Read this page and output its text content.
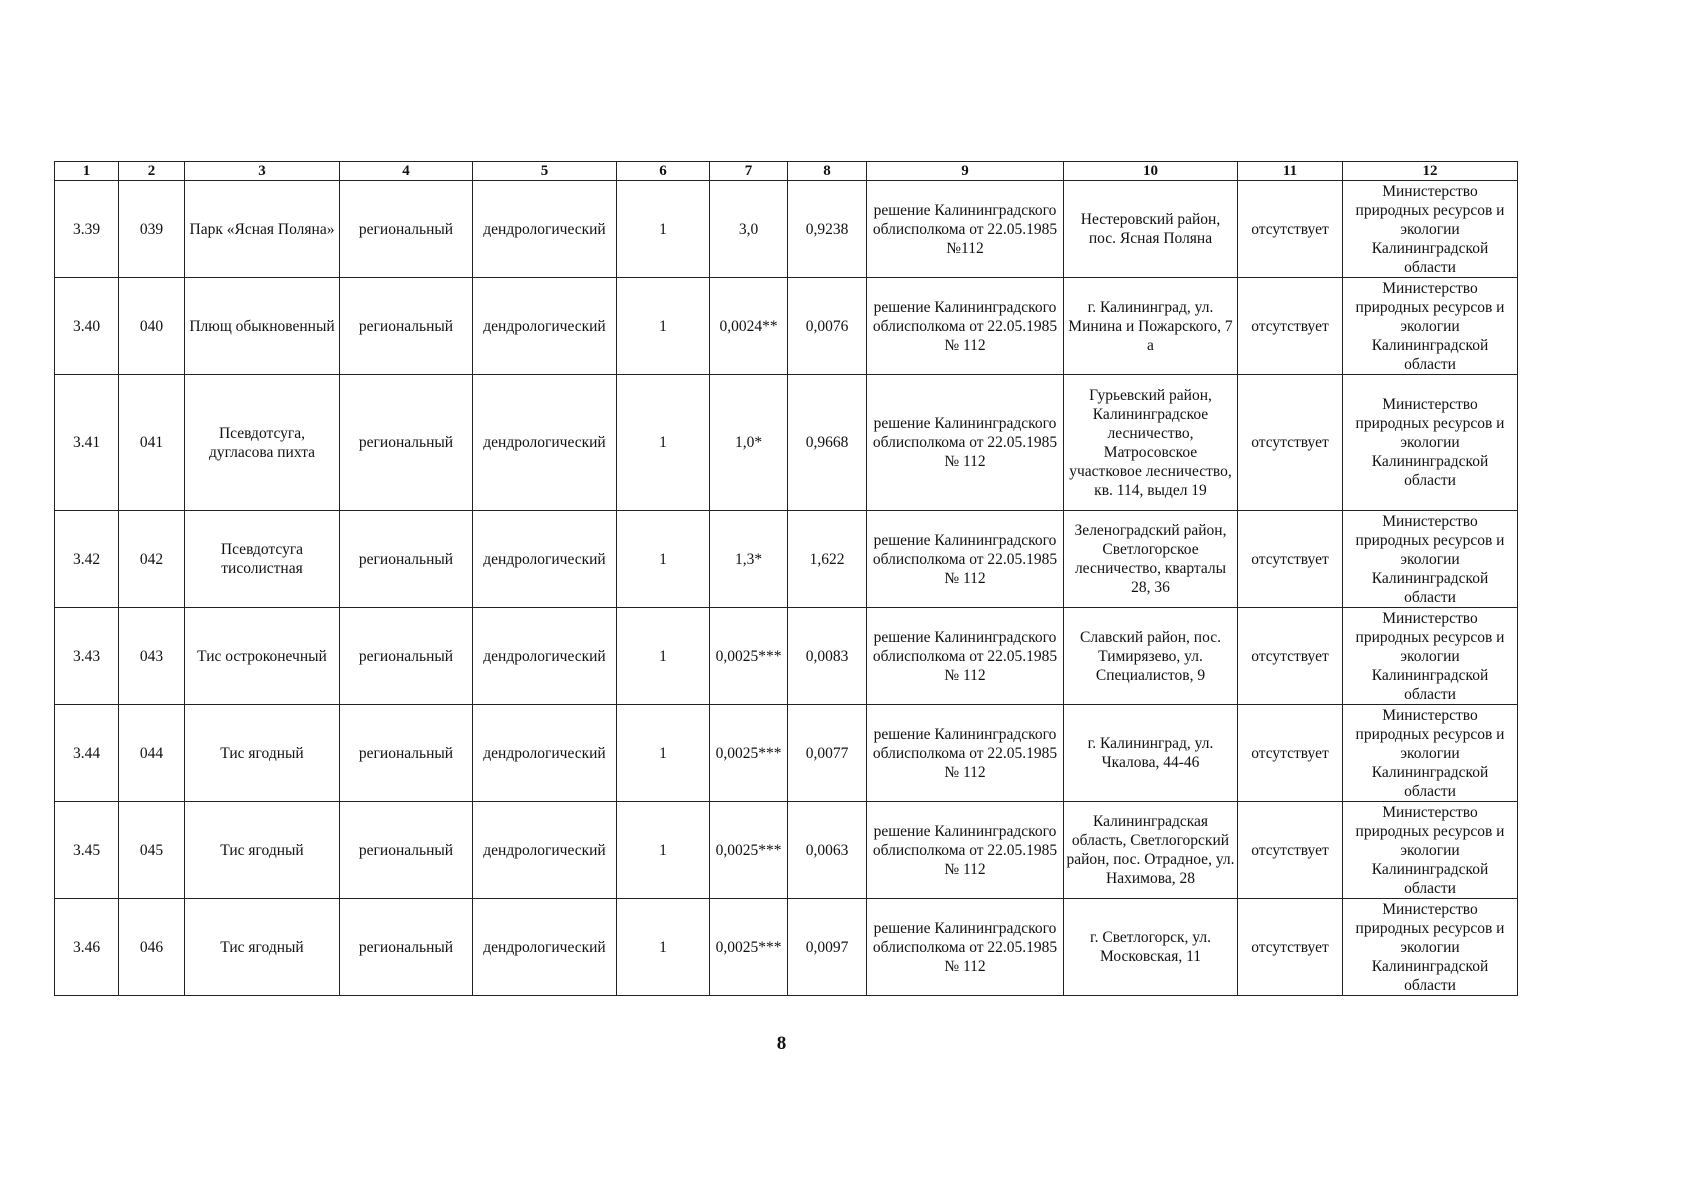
1	2	3	4	5	6	7	8	9	10	11	12
3.39	039	Парк «Ясная Поляна»	региональный	дендрологический	1	3,0	0,9238	решение Калининградского облисполкома от 22.05.1985 №112	Нестеровский район, пос. Ясная Поляна	отсутствует	Министерство природных ресурсов и экологии Калининградской области
3.40	040	Плющ обыкновенный	региональный	дендрологический	1	0,0024**	0,0076	решение Калининградского облисполкома от 22.05.1985 № 112	г. Калининград, ул. Минина и Пожарского, 7 а	отсутствует	Министерство природных ресурсов и экологии Калининградской области
3.41	041	Псевдотсуга, дугласова пихта	региональный	дендрологический	1	1,0*	0,9668	решение Калининградского облисполкома от 22.05.1985 № 112	Гурьевский район, Калининградское лесничество, Матросовское участковое лесничество, кв. 114, выдел 19	отсутствует	Министерство природных ресурсов и экологии Калининградской области
3.42	042	Псевдотсуга тисолистная	региональный	дендрологический	1	1,3*	1,622	решение Калининградского облисполкома от 22.05.1985 № 112	Зеленоградский район, Светлогорское лесничество, кварталы 28, 36	отсутствует	Министерство природных ресурсов и экологии Калининградской области
3.43	043	Тис остроконечный	региональный	дендрологический	1	0,0025***	0,0083	решение Калининградского облисполкома от 22.05.1985 № 112	Славский район, пос. Тимирязево, ул. Специалистов, 9	отсутствует	Министерство природных ресурсов и экологии Калининградской области
3.44	044	Тис ягодный	региональный	дендрологический	1	0,0025***	0,0077	решение Калининградского облисполкома от 22.05.1985 № 112	г. Калининград, ул. Чкалова, 44-46	отсутствует	Министерство природных ресурсов и экологии Калининградской области
3.45	045	Тис ягодный	региональный	дендрологический	1	0,0025***	0,0063	решение Калининградского облисполкома от 22.05.1985 № 112	Калининградская область, Светлогорский район, пос. Отрадное, ул. Нахимова, 28	отсутствует	Министерство природных ресурсов и экологии Калининградской области
3.46	046	Тис ягодный	региональный	дендрологический	1	0,0025***	0,0097	решение Калининградского облисполкома от 22.05.1985 № 112	г. Светлогорск, ул. Московская, 11	отсутствует	Министерство природных ресурсов и экологии Калининградской области
8
